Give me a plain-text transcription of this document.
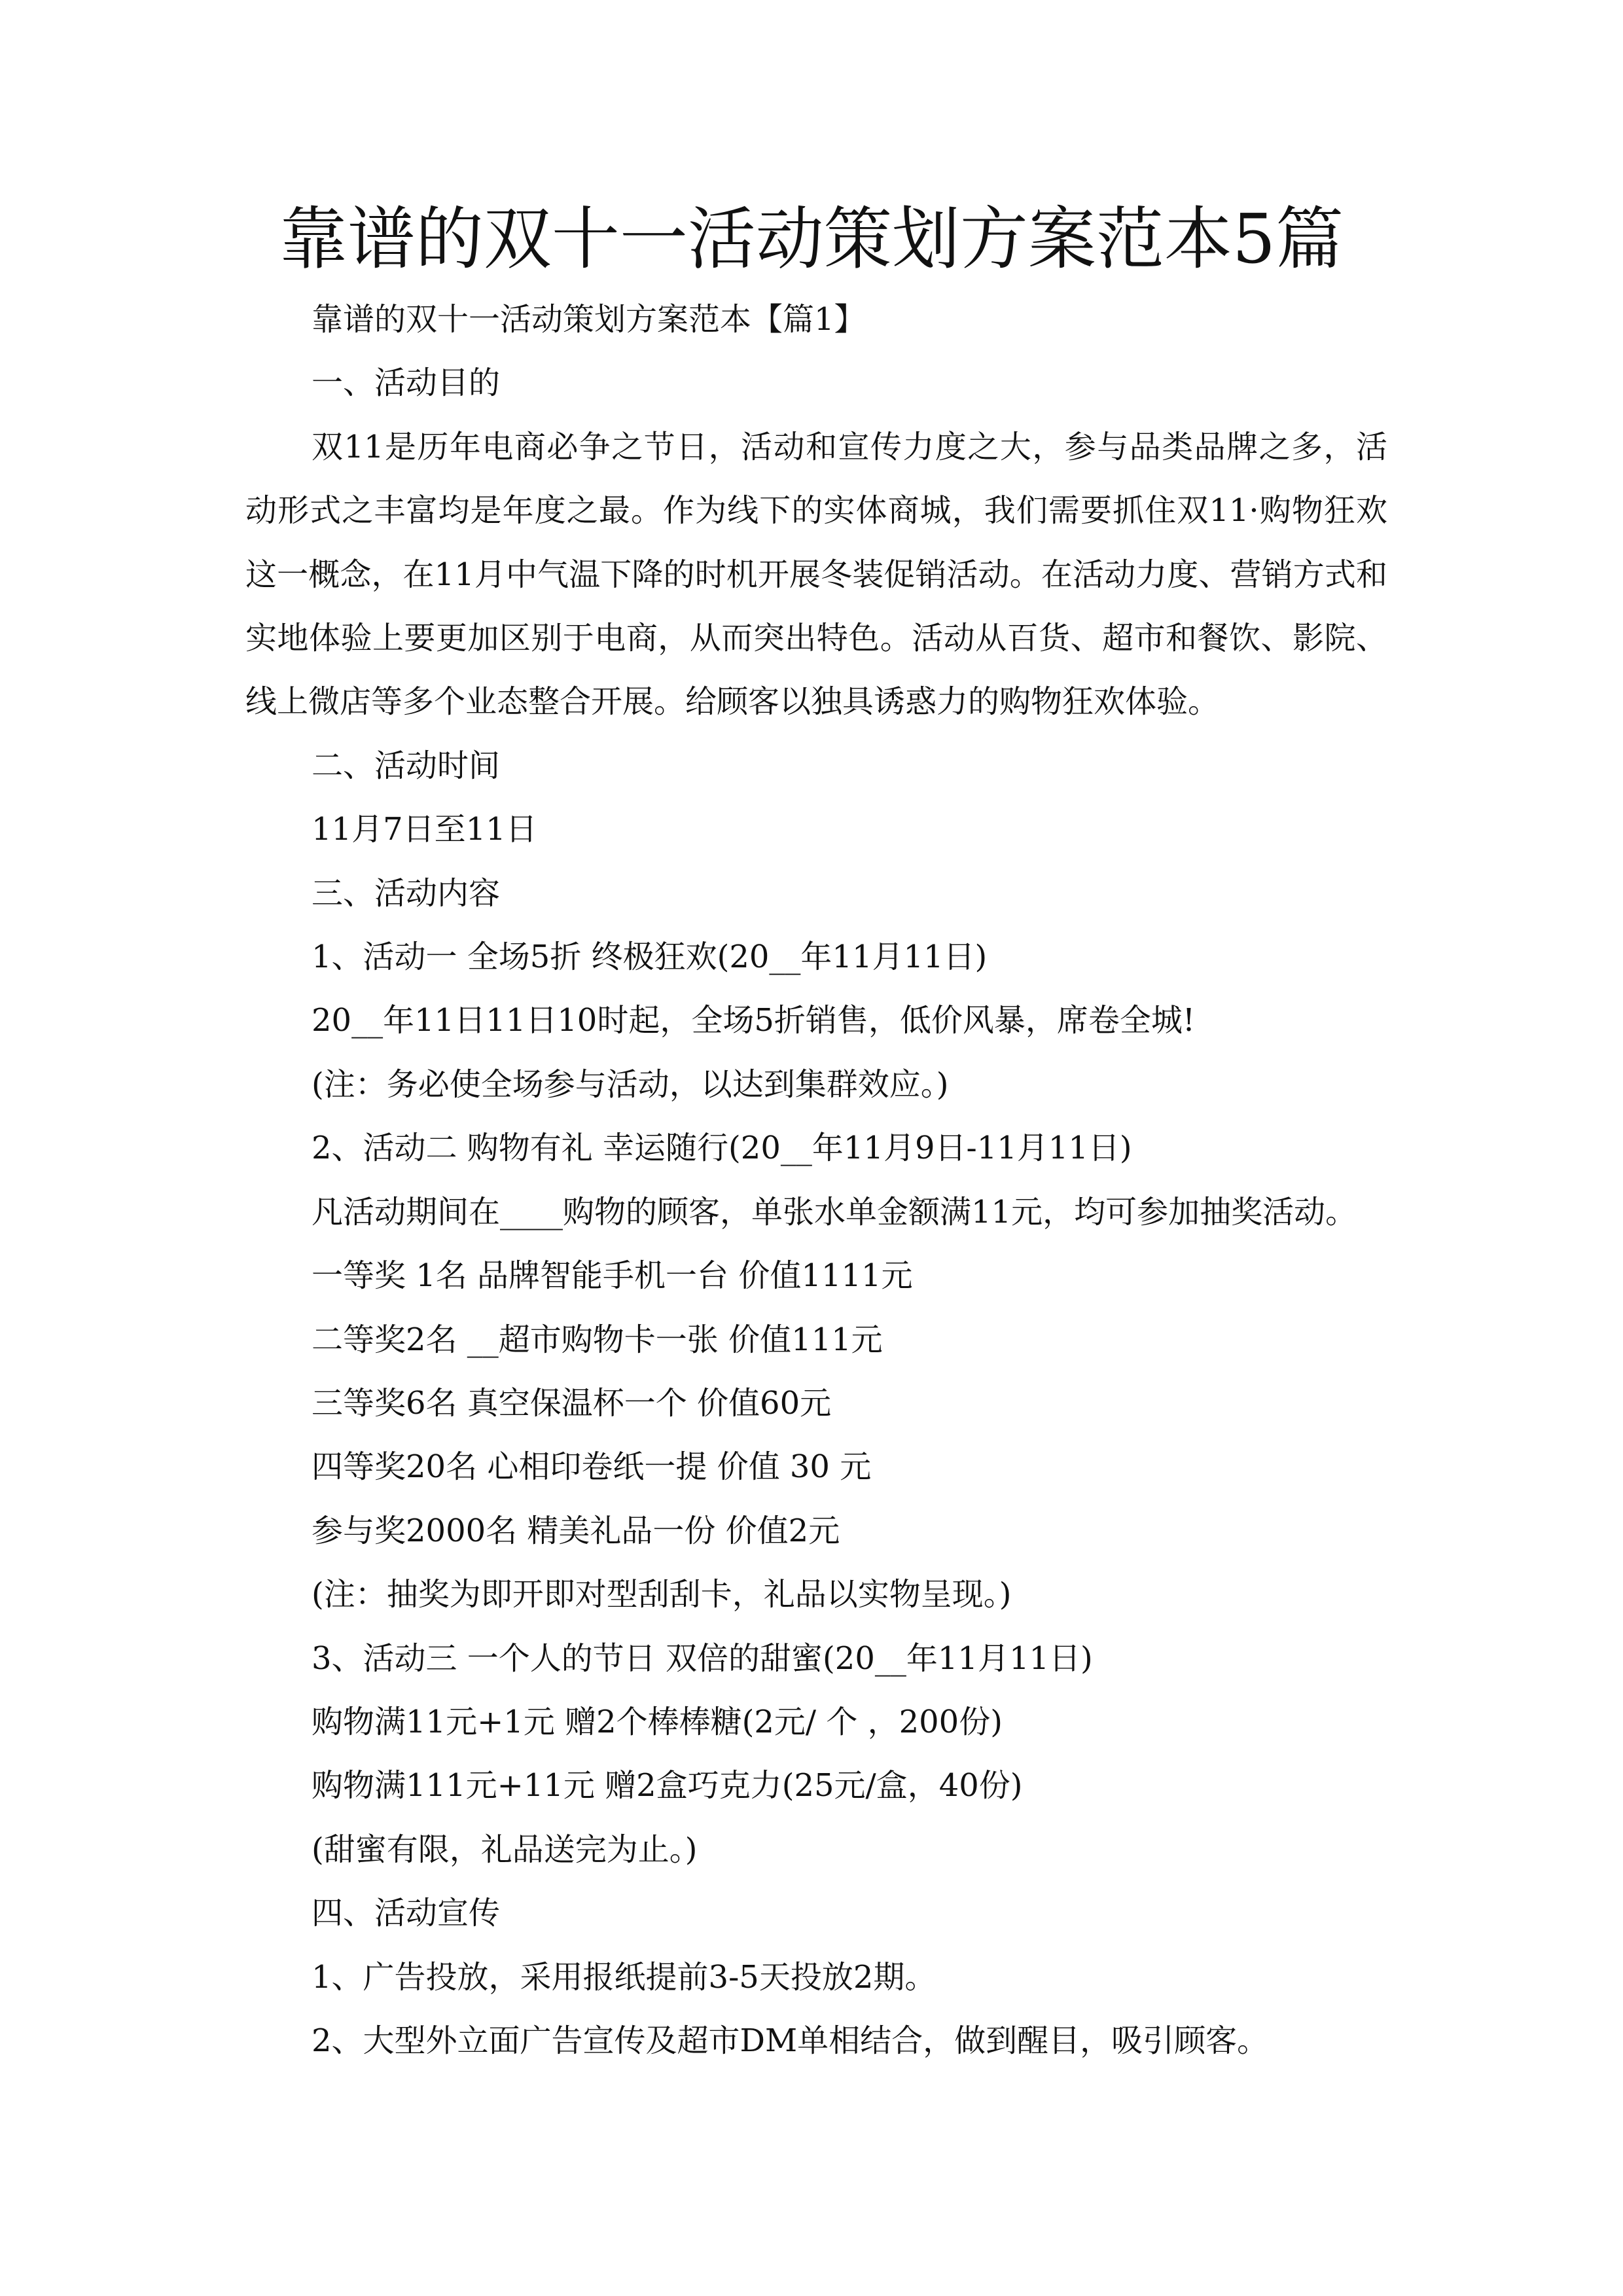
靠谱的双十一活动策划方案范本5篇

靠谱的双十一活动策划方案范本【篇1】

一、活动目的

双11是历年电商必争之节日，活动和宣传力度之大，参与品类品牌之多，活动形式之丰富均是年度之最。作为线下的实体商城，我们需要抓住双11·购物狂欢这一概念，在11月中气温下降的时机开展冬装促销活动。在活动力度、营销方式和实地体验上要更加区别于电商，从而突出特色。活动从百货、超市和餐饮、影院、线上微店等多个业态整合开展。给顾客以独具诱惑力的购物狂欢体验。

二、活动时间

11月7日至11日

三、活动内容

1、活动一 全场5折 终极狂欢(20__年11月11日)

20__年11日11日10时起，全场5折销售，低价风暴，席卷全城!

(注：务必使全场参与活动，以达到集群效应。)

2、活动二 购物有礼 幸运随行(20__年11月9日-11月11日)

凡活动期间在____购物的顾客，单张水单金额满11元，均可参加抽奖活动。

一等奖 1名 品牌智能手机一台 价值1111元

二等奖2名 __超市购物卡一张 价值111元

三等奖6名 真空保温杯一个 价值60元

四等奖20名 心相印卷纸一提 价值 30 元

参与奖2000名 精美礼品一份 价值2元

(注：抽奖为即开即对型刮刮卡，礼品以实物呈现。)

3、活动三 一个人的节日 双倍的甜蜜(20__年11月11日)

购物满11元+1元 赠2个棒棒糖(2元/ 个 ，200份)

购物满111元+11元 赠2盒巧克力(25元/盒，40份)

(甜蜜有限，礼品送完为止。)

四、活动宣传

1、广告投放，采用报纸提前3-5天投放2期。

2、大型外立面广告宣传及超市DM单相结合，做到醒目，吸引顾客。
